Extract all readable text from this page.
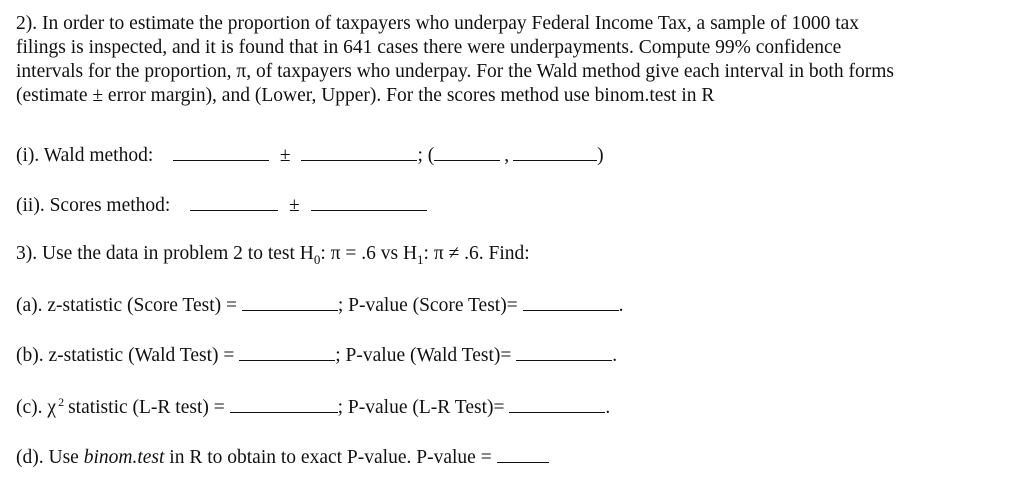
2). In order to estimate the proportion of taxpayers who underpay Federal Income Tax, a sample of 1000 tax
filings is inspected, and it is found that in 641 cases there were underpayments. Compute 99% confidence
intervals for the proportion, π, of taxpayers who underpay. For the Wald method give each interval in both forms
(estimate ± error margin), and (Lower, Upper). For the scores method use binom.test in R
(i). Wald method:	±	; (	,	)
(ii). Scores method:	±
3). Use the data in problem 2 to test $H_0$: π = .6 vs $H_1$: π ≠ .6. Find:
(a). z-statistic (Score Test) =	; P-value (Score Test)=	.
(b). z-statistic (Wald Test) =	; P-value (Wald Test)=	.
(c). χ $^2$ statistic (L-R test) =	; P-value (L-R Test)=	.
(d). Use binom.test in R to obtain to exact P-value. P-value =
